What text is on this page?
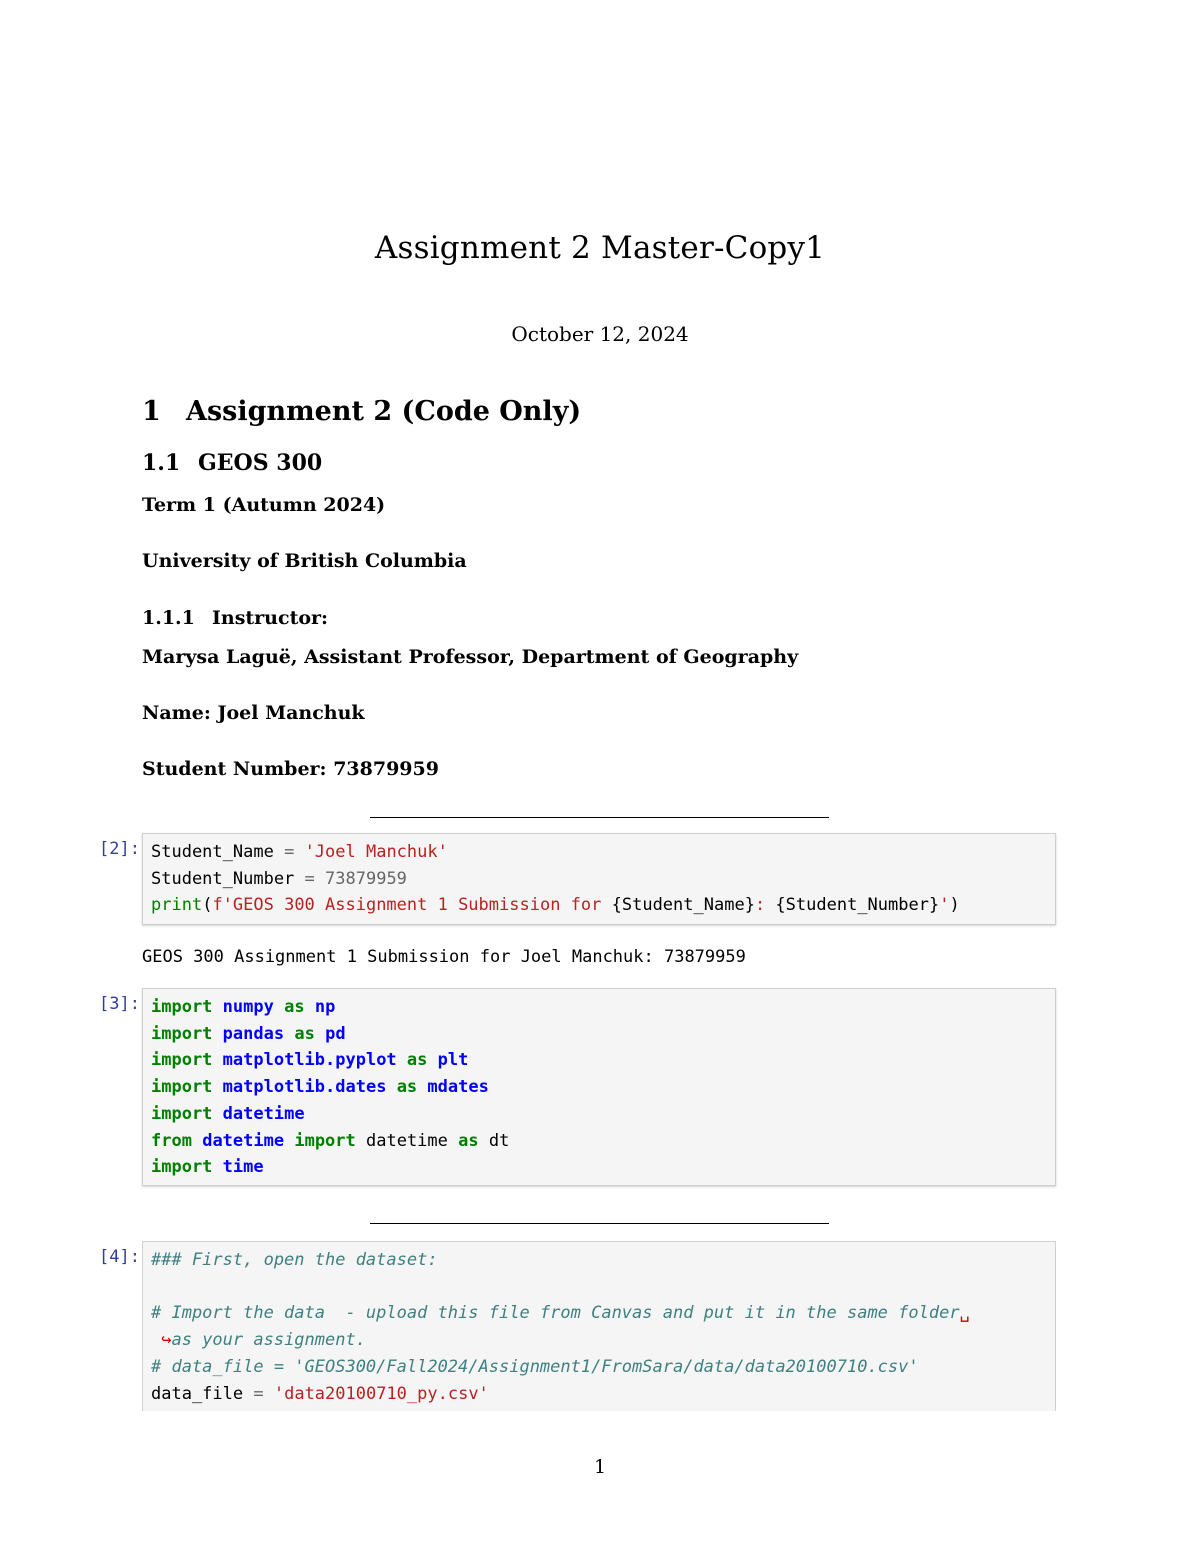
Assignment 2 Master-Copy1
October 12, 2024
1 Assignment 2 (Code Only)
1.1 GEOS 300
Term 1 (Autumn 2024)
University of British Columbia
1.1.1 Instructor:
Marysa Laguë, Assistant Professor, Department of Geography
Name: Joel Manchuk
Student Number: 73879959
[2]: Student_Name = 'Joel Manchuk'
Student_Number = 73879959
print(f'GEOS 300 Assignment 1 Submission for {Student_Name}: {Student_Number}')
GEOS 300 Assignment 1 Submission for Joel Manchuk: 73879959
[3]: import numpy as np
import pandas as pd
import matplotlib.pyplot as plt
import matplotlib.dates as mdates
import datetime
from datetime import datetime as dt
import time
[4]: ### First, open the dataset:
# Import the data  - upload this file from Canvas and put it in the same folder␣
↪as your assignment.
# data_file = 'GEOS300/Fall2024/Assignment1/FromSara/data/data20100710.csv'
data_file = 'data20100710_py.csv'
1
